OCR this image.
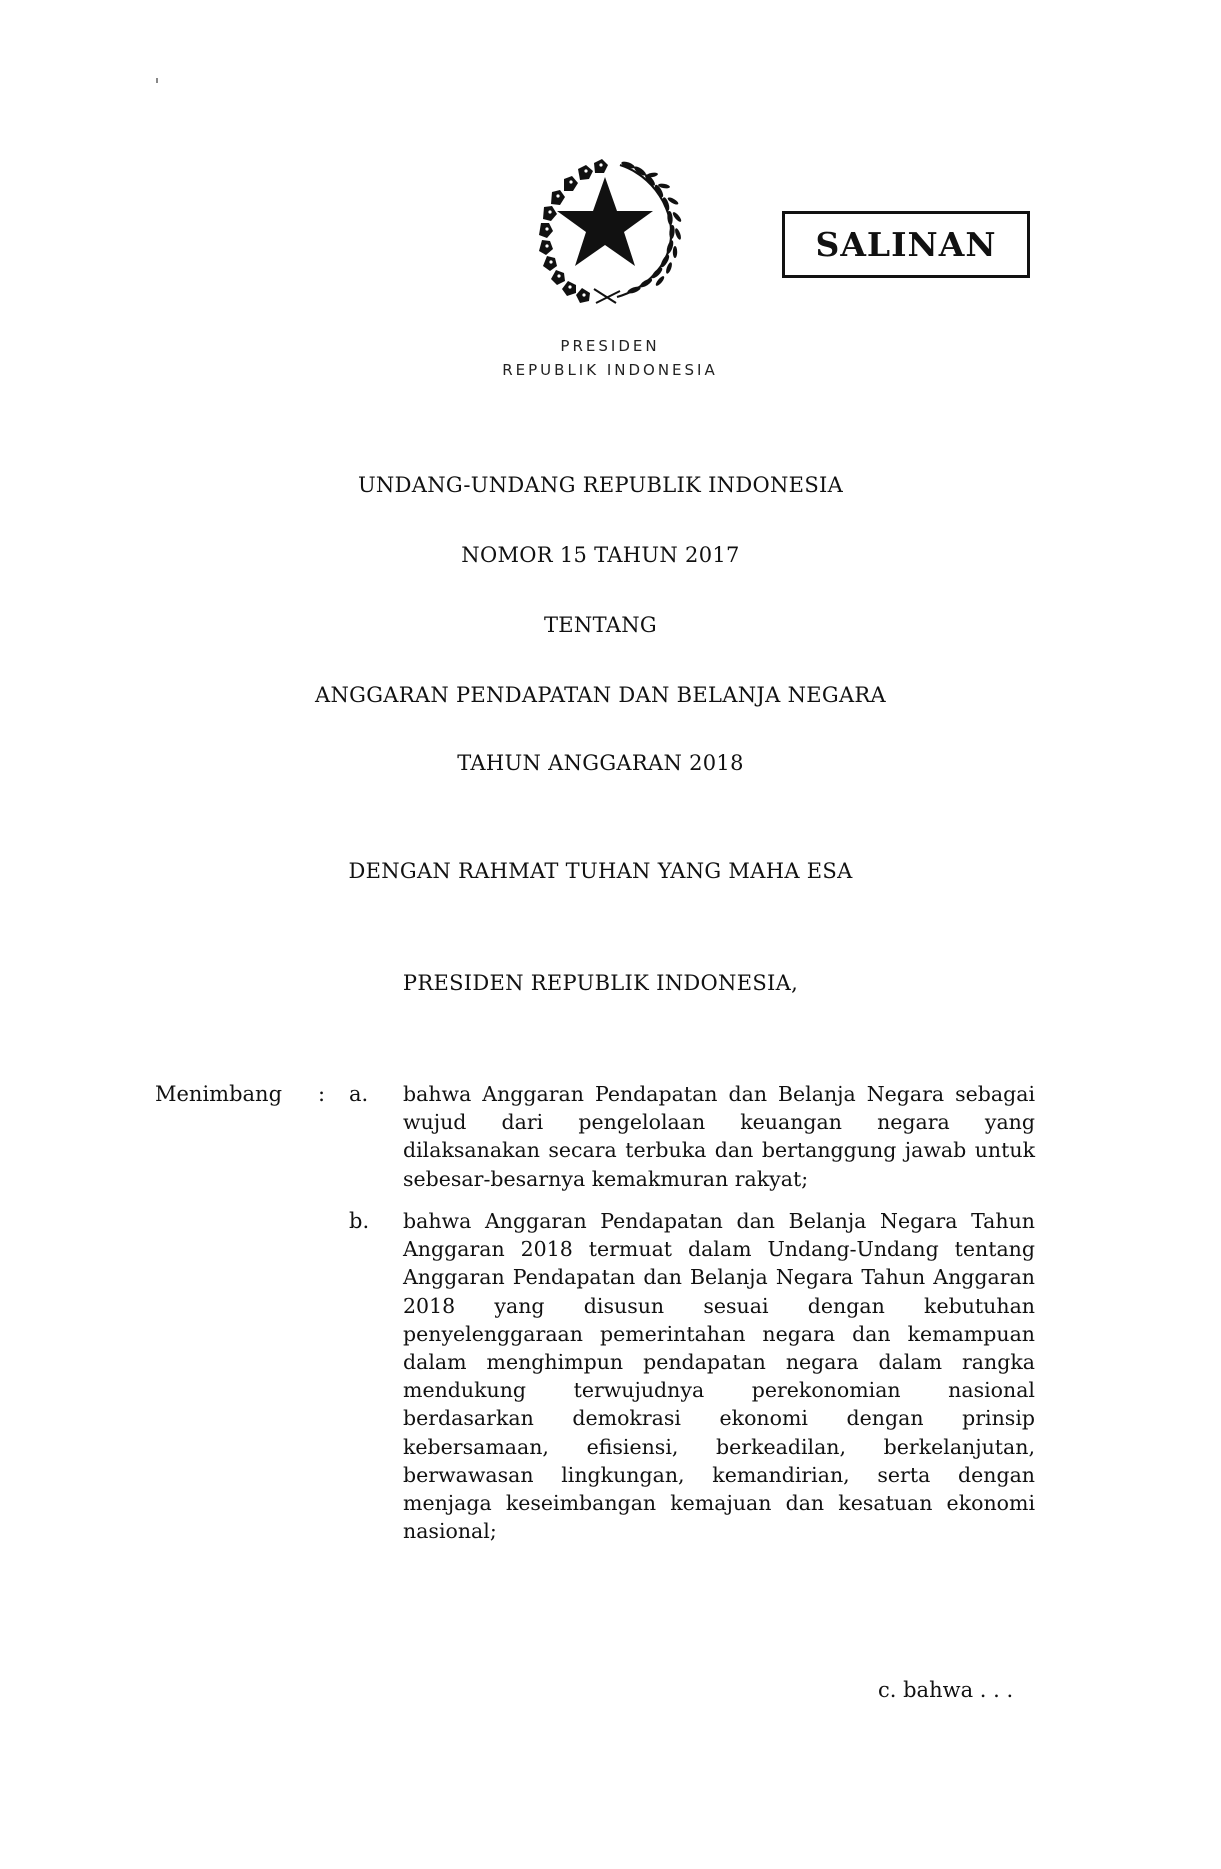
SALINAN
PRESIDEN
REPUBLIK INDONESIA
UNDANG-UNDANG REPUBLIK INDONESIA
NOMOR 15 TAHUN 2017
TENTANG
ANGGARAN PENDAPATAN DAN BELANJA NEGARA
TAHUN ANGGARAN 2018
DENGAN RAHMAT TUHAN YANG MAHA ESA
PRESIDEN REPUBLIK INDONESIA,
Menimbang : a. bahwa Anggaran Pendapatan dan Belanja Negara sebagai wujud dari pengelolaan keuangan negara yang dilaksanakan secara terbuka dan bertanggung jawab untuk sebesar-besarnya kemakmuran rakyat;
b. bahwa Anggaran Pendapatan dan Belanja Negara Tahun Anggaran 2018 termuat dalam Undang-Undang tentang Anggaran Pendapatan dan Belanja Negara Tahun Anggaran 2018 yang disusun sesuai dengan kebutuhan penyelenggaraan pemerintahan negara dan kemampuan dalam menghimpun pendapatan negara dalam rangka mendukung terwujudnya perekonomian nasional berdasarkan demokrasi ekonomi dengan prinsip kebersamaan, efisiensi, berkeadilan, berkelanjutan, berwawasan lingkungan, kemandirian, serta dengan menjaga keseimbangan kemajuan dan kesatuan ekonomi nasional;
c. bahwa . . .
